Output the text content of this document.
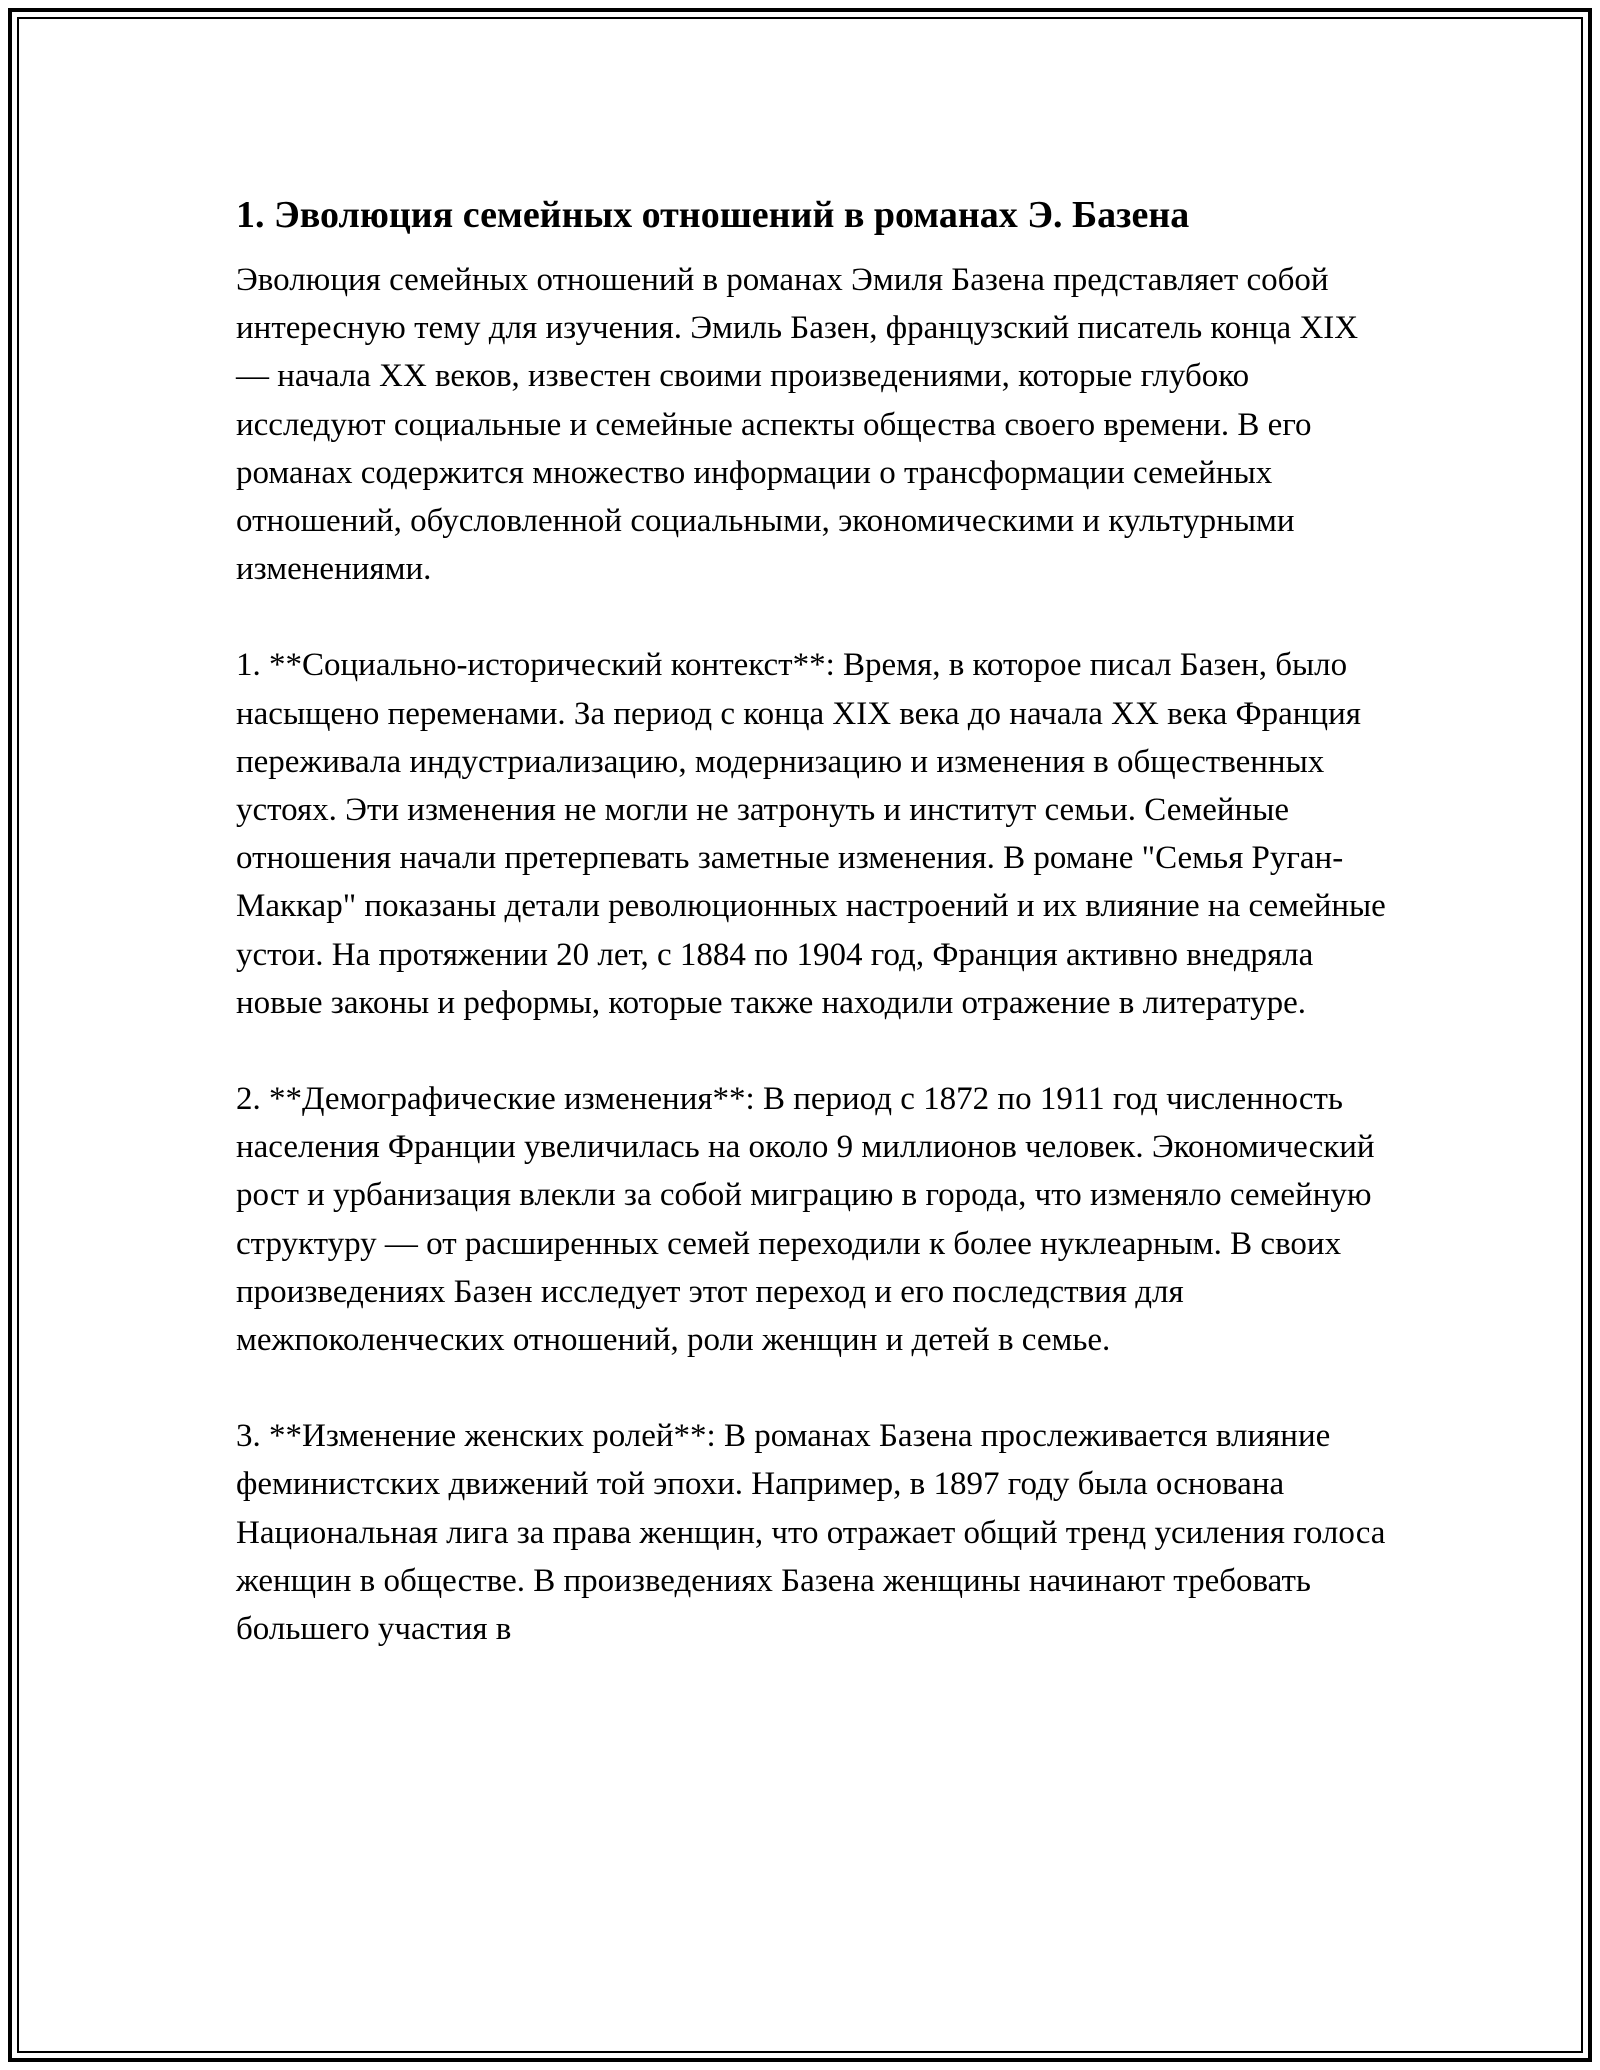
1. Эволюция семейных отношений в романах Э. Базена

Эволюция семейных отношений в романах Эмиля Базена представляет собой интересную тему для изучения. Эмиль Базен, французский писатель конца XIX — начала XX веков, известен своими произведениями, которые глубоко исследуют социальные и семейные аспекты общества своего времени. В его романах содержится множество информации о трансформации семейных отношений, обусловленной социальными, экономическими и культурными изменениями.

1. **Социально-исторический контекст**: Время, в которое писал Базен, было насыщено переменами. За период с конца XIX века до начала XX века Франция переживала индустриализацию, модернизацию и изменения в общественных устоях. Эти изменения не могли не затронуть и институт семьи. Семейные отношения начали претерпевать заметные изменения. В романе "Семья Руган-Маккар" показаны детали революционных настроений и их влияние на семейные устои. На протяжении 20 лет, с 1884 по 1904 год, Франция активно внедряла новые законы и реформы, которые также находили отражение в литературе.

2. **Демографические изменения**: В период с 1872 по 1911 год численность населения Франции увеличилась на около 9 миллионов человек. Экономический рост и урбанизация влекли за собой миграцию в города, что изменяло семейную структуру — от расширенных семей переходили к более нуклеарным. В своих произведениях Базен исследует этот переход и его последствия для межпоколенческих отношений, роли женщин и детей в семье.

3. **Изменение женских ролей**: В романах Базена прослеживается влияние феминистских движений той эпохи. Например, в 1897 году была основана Национальная лига за права женщин, что отражает общий тренд усиления голоса женщин в обществе. В произведениях Базена женщины начинают требовать большего участия в
